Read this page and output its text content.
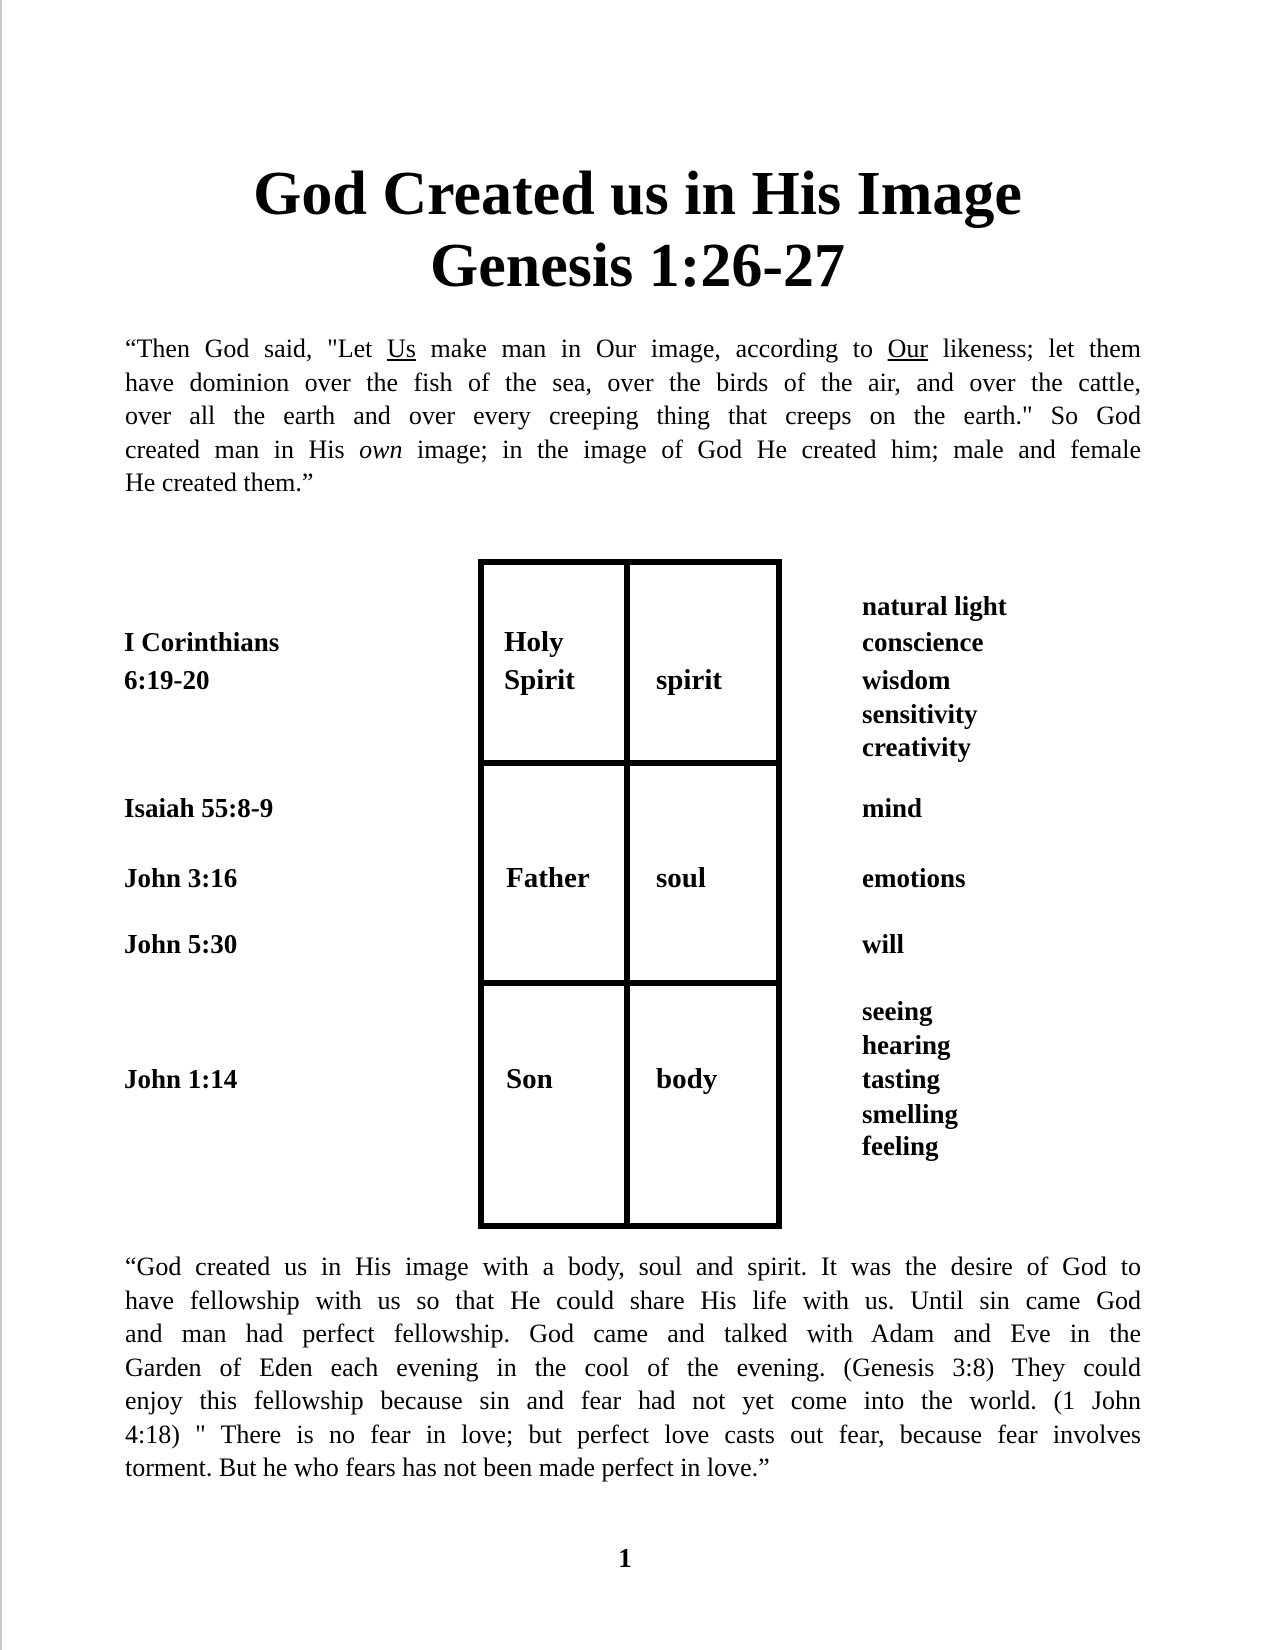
God Created us in His Image
Genesis 1:26-27
“Then God said, "Let Us make man in Our image, according to Our likeness; let them
have dominion over the fish of the sea, over the birds of the air, and over the cattle,
over all the earth and over every creeping thing that creeps on the earth." So God
created man in His own image; in the image of God He created him; male and female
He created them.”
I Corinthians
6:19-20
Isaiah 55:8-9
John 3:16
John 5:30
John 1:14
Holy
Spirit	spirit
Father soul
Son	body
natural light
conscience
wisdom
sensitivity
creativity
mind
emotions
will
seeing
hearing
tasting
smelling
feeling
“God created us in His image with a body, soul and spirit. It was the desire of God to
have fellowship with us so that He could share His life with us. Until sin came God
and man had perfect fellowship. God came and talked with Adam and Eve in the
Garden of Eden each evening in the cool of the evening. (Genesis 3:8) They could
enjoy this fellowship because sin and fear had not yet come into the world. (1 John
4:18) " There is no fear in love; but perfect love casts out fear, because fear involves
torment. But he who fears has not been made perfect in love.”
1
